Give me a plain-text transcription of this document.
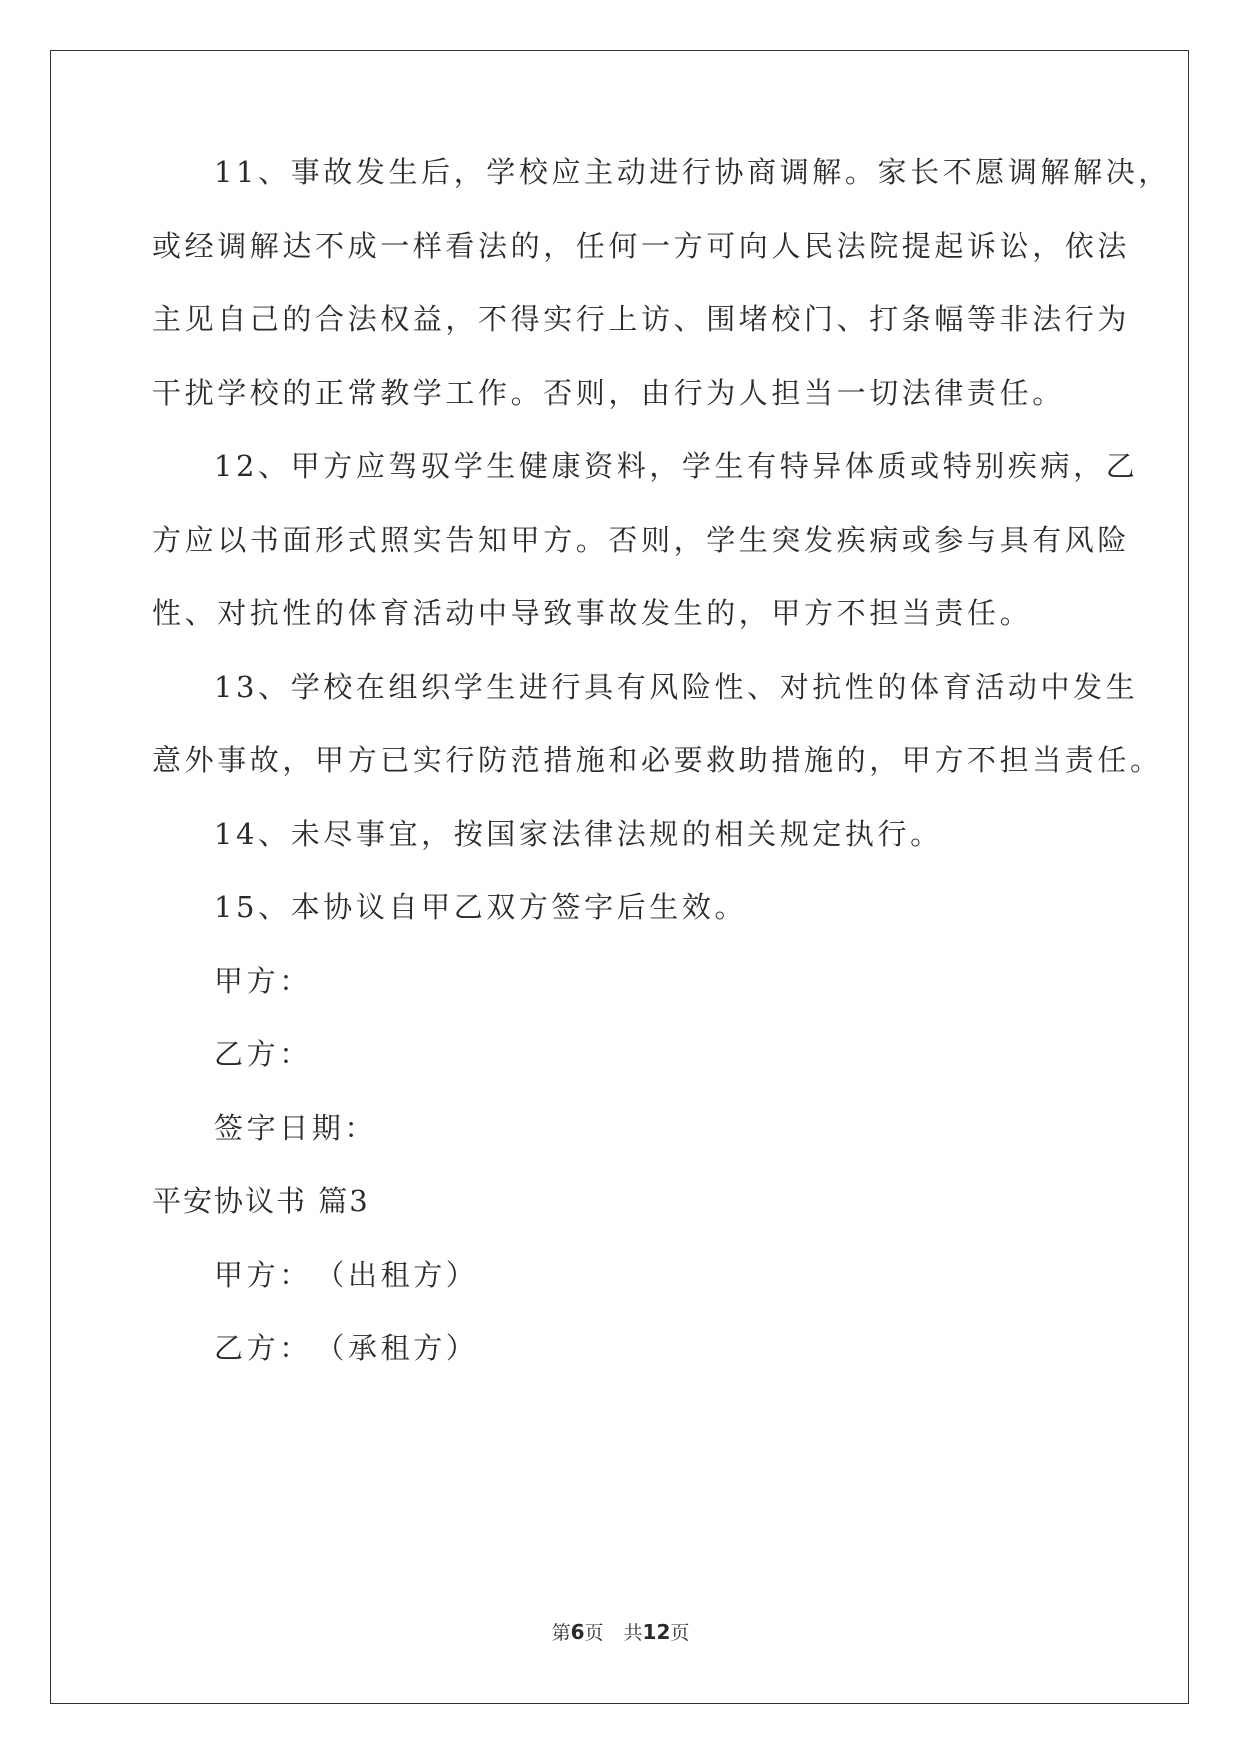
11、事故发生后，学校应主动进行协商调解。家长不愿调解解决，
或经调解达不成一样看法的，任何一方可向人民法院提起诉讼，依法
主见自己的合法权益，不得实行上访、围堵校门、打条幅等非法行为
干扰学校的正常教学工作。否则，由行为人担当一切法律责任。
12、甲方应驾驭学生健康资料，学生有特异体质或特别疾病，乙
方应以书面形式照实告知甲方。否则，学生突发疾病或参与具有风险
性、对抗性的体育活动中导致事故发生的，甲方不担当责任。
13、学校在组织学生进行具有风险性、对抗性的体育活动中发生
意外事故，甲方已实行防范措施和必要救助措施的，甲方不担当责任。
14、未尽事宜，按国家法律法规的相关规定执行。
15、本协议自甲乙双方签字后生效。
甲方：
乙方：
签字日期：
平安协议书 篇3
甲方：　（出租方）
乙方：　（承租方）
第6页 共12页
